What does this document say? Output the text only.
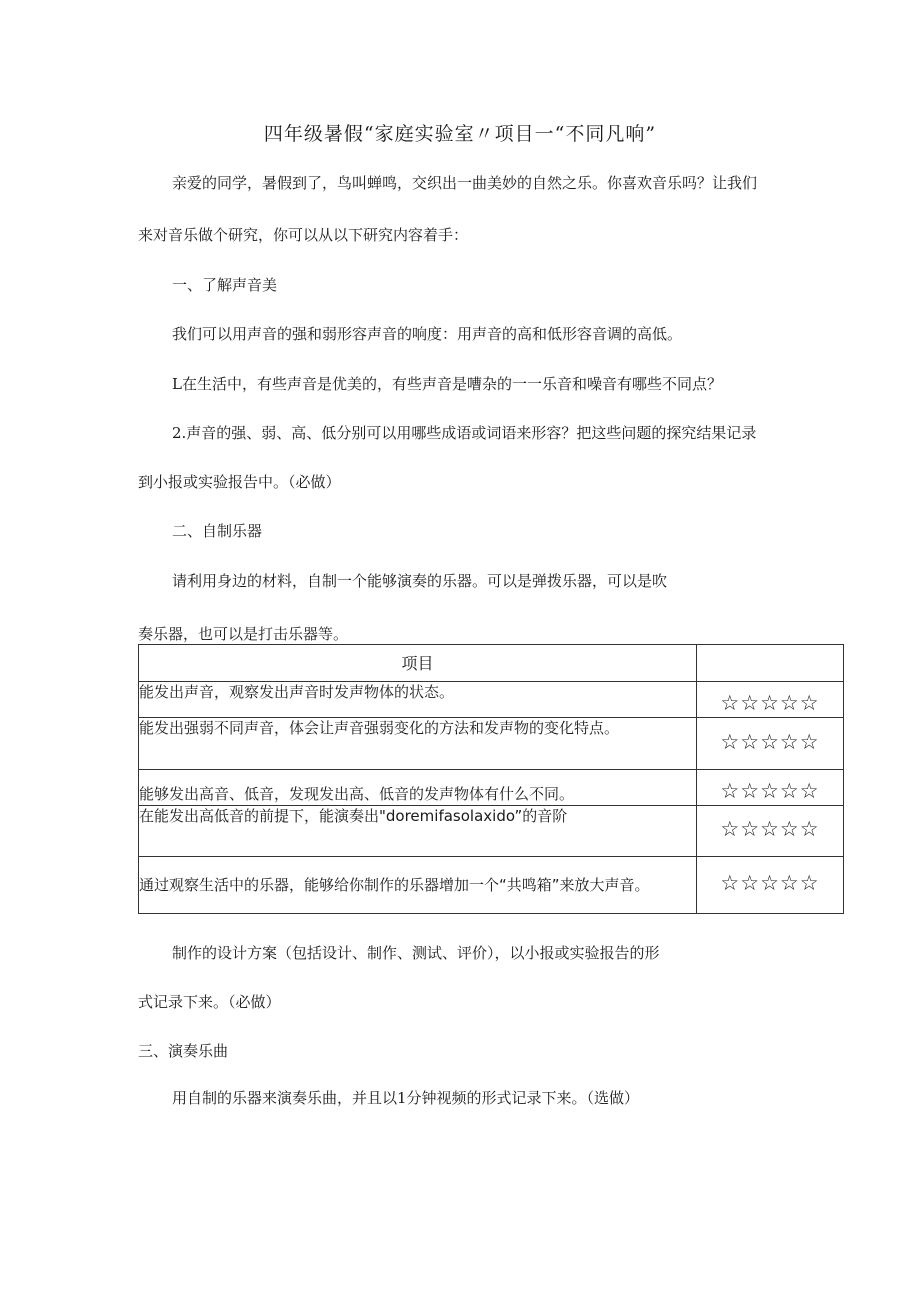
四年级暑假“家庭实验室〃项目一“不同凡响”
亲爱的同学，暑假到了，鸟叫蝉鸣，交织出一曲美妙的自然之乐。你喜欢音乐吗？让我们
来对音乐做个研究，你可以从以下研究内容着手：
一、了解声音美
我们可以用声音的强和弱形容声音的响度：用声音的高和低形容音调的高低。
L在生活中，有些声音是优美的，有些声音是嘈杂的一一乐音和噪音有哪些不同点？
2.声音的强、弱、高、低分别可以用哪些成语或词语来形容？把这些问题的探究结果记录
到小报或实验报告中。（必做）
二、自制乐器
请利用身边的材料，自制一个能够演奏的乐器。可以是弹拨乐器，可以是吹
奏乐器，也可以是打击乐器等。
项目	
能发出声音，观察发出声音时发声物体的状态。	☆☆☆☆☆
能发出强弱不同声音，体会让声音强弱变化的方法和发声物的变化特点。	☆☆☆☆☆
能够发出高音、低音，发现发出高、低音的发声物体有什么不同。	☆☆☆☆☆
在能发出高低音的前提下，能演奏出"doremifasolaxido”的音阶	☆☆☆☆☆
通过观察生活中的乐器，能够给你制作的乐器增加一个“共鸣箱”来放大声音。	☆☆☆☆☆
制作的设计方案（包括设计、制作、测试、评价），以小报或实验报告的形
式记录下来。（必做）
三、演奏乐曲
用自制的乐器来演奏乐曲，并且以1分钟视频的形式记录下来。（选做）
